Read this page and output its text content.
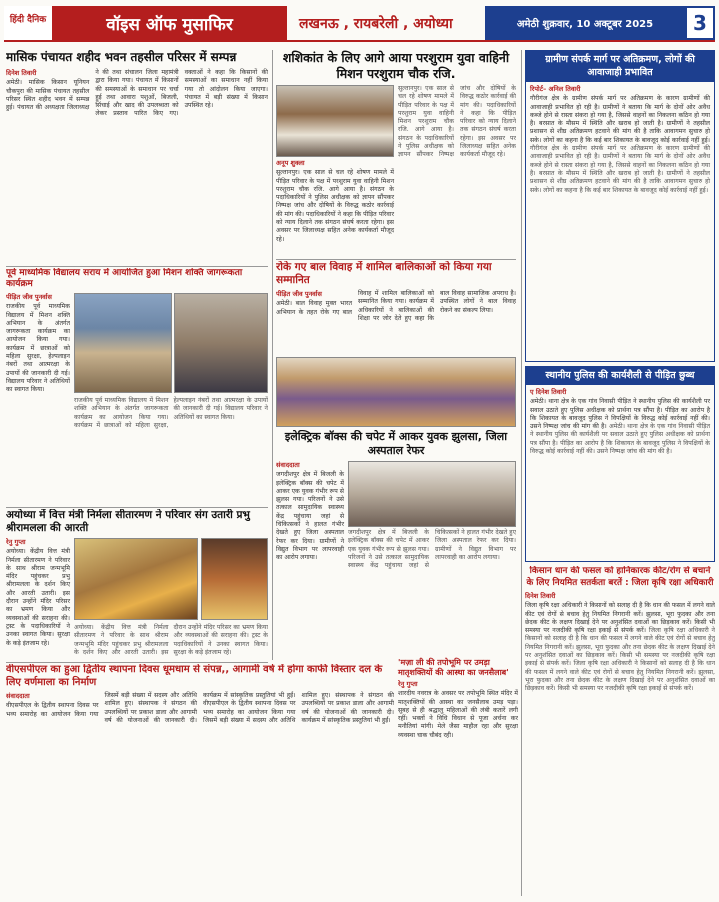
हिंदी दैनिक	वॉइस ऑफ मुसाफिर	लखनऊ , रायबरेली , अयोध्या	अमेठी शुक्रवार, 10 अक्टूबर 2025	3
मासिक पंचायत शहीद भवन तहसील परिसर में सम्पन्न
दिनेश तिवारी
अमेठी। मासिक किसान यूनियन चौकपुरा की मासिक पंचायत तहसील परिसर स्थित शहीद भवन में सम्पन्न हुई। पंचायत की अध्यक्षता जिलाध्यक्ष ने की तथा संचालन जिला महामंत्री द्वारा किया गया। पंचायत में किसानों की समस्याओं के समाधान पर चर्चा हुई तथा आवारा पशुओं, बिजली, सिंचाई और खाद की उपलब्धता को लेकर प्रस्ताव पारित किए गए। वक्ताओं ने कहा कि किसानों की समस्याओं का समाधान नहीं किया गया तो आंदोलन किया जाएगा। पंचायत में बड़ी संख्या में किसान उपस्थित रहे।
पूर्व माध्यमिक विद्यालय सराय में आयोजित हुआ मिशन शक्ति जागरूकता कार्यक्रम
पीड़ित जीव पुनर्वास
राजकीय पूर्व माध्यमिक विद्यालय में मिशन शक्ति अभियान के अंतर्गत जागरूकता कार्यक्रम का आयोजन किया गया। कार्यक्रम में छात्राओं को महिला सुरक्षा, हेल्पलाइन नंबरों तथा आत्मरक्षा के उपायों की जानकारी दी गई। विद्यालय परिवार ने अतिथियों का स्वागत किया।
राजकीय पूर्व माध्यमिक विद्यालय में मिशन शक्ति अभियान के अंतर्गत जागरूकता कार्यक्रम का आयोजन किया गया। कार्यक्रम में छात्राओं को महिला सुरक्षा, हेल्पलाइन नंबरों तथा आत्मरक्षा के उपायों की जानकारी दी गई। विद्यालय परिवार ने अतिथियों का स्वागत किया।
अयोध्या में वित्त मंत्री निर्मला सीतारमण ने परिवार संग उतारी प्रभु श्रीरामलला की आरती
रेनु गुप्ता
अयोध्या। केंद्रीय वित्त मंत्री निर्मला सीतारमण ने परिवार के साथ श्रीराम जन्मभूमि मंदिर पहुंचकर प्रभु श्रीरामलला के दर्शन किए और आरती उतारी। इस दौरान उन्होंने मंदिर परिसर का भ्रमण किया और व्यवस्थाओं की सराहना की। ट्रस्ट के पदाधिकारियों ने उनका स्वागत किया। सुरक्षा के कड़े इंतजाम रहे।
अयोध्या। केंद्रीय वित्त मंत्री निर्मला सीतारमण ने परिवार के साथ श्रीराम जन्मभूमि मंदिर पहुंचकर प्रभु श्रीरामलला के दर्शन किए और आरती उतारी। इस दौरान उन्होंने मंदिर परिसर का भ्रमण किया और व्यवस्थाओं की सराहना की। ट्रस्ट के पदाधिकारियों ने उनका स्वागत किया। सुरक्षा के कड़े इंतजाम रहे।
वीएसपीएल का हुआ द्वितीय स्थापना दिवस धूमधाम से संपन्न,, आगामी वर्ष में होगा काफी विस्तार दल के लिए वर्णमाला का निर्माण
संवाददाता
वीएसपीएल के द्वितीय स्थापना दिवस पर भव्य समारोह का आयोजन किया गया जिसमें बड़ी संख्या में सदस्य और अतिथि शामिल हुए। संस्थापक ने संगठन की उपलब्धियों पर प्रकाश डाला और आगामी वर्ष की योजनाओं की जानकारी दी। कार्यक्रम में सांस्कृतिक प्रस्तुतियां भी हुईं। वीएसपीएल के द्वितीय स्थापना दिवस पर भव्य समारोह का आयोजन किया गया जिसमें बड़ी संख्या में सदस्य और अतिथि शामिल हुए। संस्थापक ने संगठन की उपलब्धियों पर प्रकाश डाला और आगामी वर्ष की योजनाओं की जानकारी दी। कार्यक्रम में सांस्कृतिक प्रस्तुतियां भी हुईं।
शशिकांत के लिए आगे आया परशुराम युवा वाहिनी मिशन परशुराम चौक रजि.
अनूप शुक्ला
सुल्तानपुर। एक साल से चल रहे शोषण मामले में पीड़ित परिवार के पक्ष में परशुराम युवा वाहिनी मिशन परशुराम चौक रजि. आगे आया है। संगठन के पदाधिकारियों ने पुलिस अधीक्षक को ज्ञापन सौंपकर निष्पक्ष जांच और दोषियों के विरुद्ध कठोर कार्रवाई की मांग की। पदाधिकारियों ने कहा कि पीड़ित परिवार को न्याय दिलाने तक संगठन संघर्ष करता रहेगा। इस अवसर पर जिलाध्यक्ष सहित अनेक कार्यकर्ता मौजूद रहे।
सुल्तानपुर। एक साल से चल रहे शोषण मामले में पीड़ित परिवार के पक्ष में परशुराम युवा वाहिनी मिशन परशुराम चौक रजि. आगे आया है। संगठन के पदाधिकारियों ने पुलिस अधीक्षक को ज्ञापन सौंपकर निष्पक्ष जांच और दोषियों के विरुद्ध कठोर कार्रवाई की मांग की। पदाधिकारियों ने कहा कि पीड़ित परिवार को न्याय दिलाने तक संगठन संघर्ष करता रहेगा। इस अवसर पर जिलाध्यक्ष सहित अनेक कार्यकर्ता मौजूद रहे।
रोके गए बाल विवाह में शामिल बालिकाओं को किया गया सम्मानित
पीड़ित जीव पुनर्वास
अमेठी। बाल विवाह मुक्त भारत अभियान के तहत रोके गए बाल विवाह में शामिल बालिकाओं को सम्मानित किया गया। कार्यक्रम में अधिकारियों ने बालिकाओं की शिक्षा पर जोर देते हुए कहा कि बाल विवाह सामाजिक अपराध है। उपस्थित लोगों ने बाल विवाह रोकने का संकल्प लिया।
इलेक्ट्रिक बॉक्स की चपेट में आकर युवक झुलसा, जिला अस्पताल रेफर
संवाददाता
जगदीशपुर क्षेत्र में बिजली के इलेक्ट्रिक बॉक्स की चपेट में आकर एक युवक गंभीर रूप से झुलस गया। परिजनों ने उसे तत्काल सामुदायिक स्वास्थ्य केंद्र पहुंचाया जहां से चिकित्सकों ने हालत गंभीर देखते हुए जिला अस्पताल रेफर कर दिया। ग्रामीणों ने विद्युत विभाग पर लापरवाही का आरोप लगाया।
जगदीशपुर क्षेत्र में बिजली के इलेक्ट्रिक बॉक्स की चपेट में आकर एक युवक गंभीर रूप से झुलस गया। परिजनों ने उसे तत्काल सामुदायिक स्वास्थ्य केंद्र पहुंचाया जहां से चिकित्सकों ने हालत गंभीर देखते हुए जिला अस्पताल रेफर कर दिया। ग्रामीणों ने विद्युत विभाग पर लापरवाही का आरोप लगाया।
'मज़ा ली की तपोभूमि पर उमड़ा मातृशक्तियों की आस्था का जनसैलाब'
रेनु गुप्ता
शारदीय नवरात्र के अवसर पर तपोभूमि स्थित मंदिर में मातृशक्तियों की आस्था का जनसैलाब उमड़ पड़ा। सुबह से ही श्रद्धालु महिलाओं की लंबी कतारें लगी रहीं। भक्तों ने विधि विधान से पूजा अर्चना कर मनौतियां मांगी। मेले जैसा माहौल रहा और सुरक्षा व्यवस्था चाक चौबंद रही।
ग्रामीण संपर्क मार्ग पर अतिक्रमण, लोगों की आवाजाही प्रभावित
रिपोर्ट– अनिल तिवारी
गौरीगंज क्षेत्र के ग्रामीण संपर्क मार्ग पर अतिक्रमण के कारण ग्रामीणों की आवाजाही प्रभावित हो रही है। ग्रामीणों ने बताया कि मार्ग के दोनों ओर अवैध कब्जे होने से रास्ता संकरा हो गया है, जिससे वाहनों का निकलना कठिन हो गया है। बरसात के मौसम में स्थिति और खराब हो जाती है। ग्रामीणों ने तहसील प्रशासन से शीघ्र अतिक्रमण हटवाने की मांग की है ताकि आवागमन सुचारु हो सके। लोगों का कहना है कि कई बार शिकायत के बावजूद कोई कार्रवाई नहीं हुई। गौरीगंज क्षेत्र के ग्रामीण संपर्क मार्ग पर अतिक्रमण के कारण ग्रामीणों की आवाजाही प्रभावित हो रही है। ग्रामीणों ने बताया कि मार्ग के दोनों ओर अवैध कब्जे होने से रास्ता संकरा हो गया है, जिससे वाहनों का निकलना कठिन हो गया है। बरसात के मौसम में स्थिति और खराब हो जाती है। ग्रामीणों ने तहसील प्रशासन से शीघ्र अतिक्रमण हटवाने की मांग की है ताकि आवागमन सुचारु हो सके। लोगों का कहना है कि कई बार शिकायत के बावजूद कोई कार्रवाई नहीं हुई।
स्थानीय पुलिस की कार्यशैली से पीड़ित छुब्ध
ए दिनेश तिवारी
अमेठी। थाना क्षेत्र के एक गांव निवासी पीड़ित ने स्थानीय पुलिस की कार्यशैली पर सवाल उठाते हुए पुलिस अधीक्षक को प्रार्थना पत्र सौंपा है। पीड़ित का आरोप है कि शिकायत के बावजूद पुलिस ने विपक्षियों के विरुद्ध कोई कार्रवाई नहीं की। उसने निष्पक्ष जांच की मांग की है। अमेठी। थाना क्षेत्र के एक गांव निवासी पीड़ित ने स्थानीय पुलिस की कार्यशैली पर सवाल उठाते हुए पुलिस अधीक्षक को प्रार्थना पत्र सौंपा है। पीड़ित का आरोप है कि शिकायत के बावजूद पुलिस ने विपक्षियों के विरुद्ध कोई कार्रवाई नहीं की। उसने निष्पक्ष जांच की मांग की है।
किसान धान की फसल को हानिकारक कीट/रोग से बचाने के लिए नियमित सतर्कता बरतें : जिला कृषि रक्षा अधिकारी
दिनेश तिवारी
जिला कृषि रक्षा अधिकारी ने किसानों को सलाह दी है कि धान की फसल में लगने वाले कीट एवं रोगों से बचाव हेतु नियमित निगरानी करें। झुलसा, भूरा फुदका और तना छेदक कीट के लक्षण दिखाई देने पर अनुशंसित दवाओं का छिड़काव करें। किसी भी समस्या पर नजदीकी कृषि रक्षा इकाई से संपर्क करें। जिला कृषि रक्षा अधिकारी ने किसानों को सलाह दी है कि धान की फसल में लगने वाले कीट एवं रोगों से बचाव हेतु नियमित निगरानी करें। झुलसा, भूरा फुदका और तना छेदक कीट के लक्षण दिखाई देने पर अनुशंसित दवाओं का छिड़काव करें। किसी भी समस्या पर नजदीकी कृषि रक्षा इकाई से संपर्क करें। जिला कृषि रक्षा अधिकारी ने किसानों को सलाह दी है कि धान की फसल में लगने वाले कीट एवं रोगों से बचाव हेतु नियमित निगरानी करें। झुलसा, भूरा फुदका और तना छेदक कीट के लक्षण दिखाई देने पर अनुशंसित दवाओं का छिड़काव करें। किसी भी समस्या पर नजदीकी कृषि रक्षा इकाई से संपर्क करें।
